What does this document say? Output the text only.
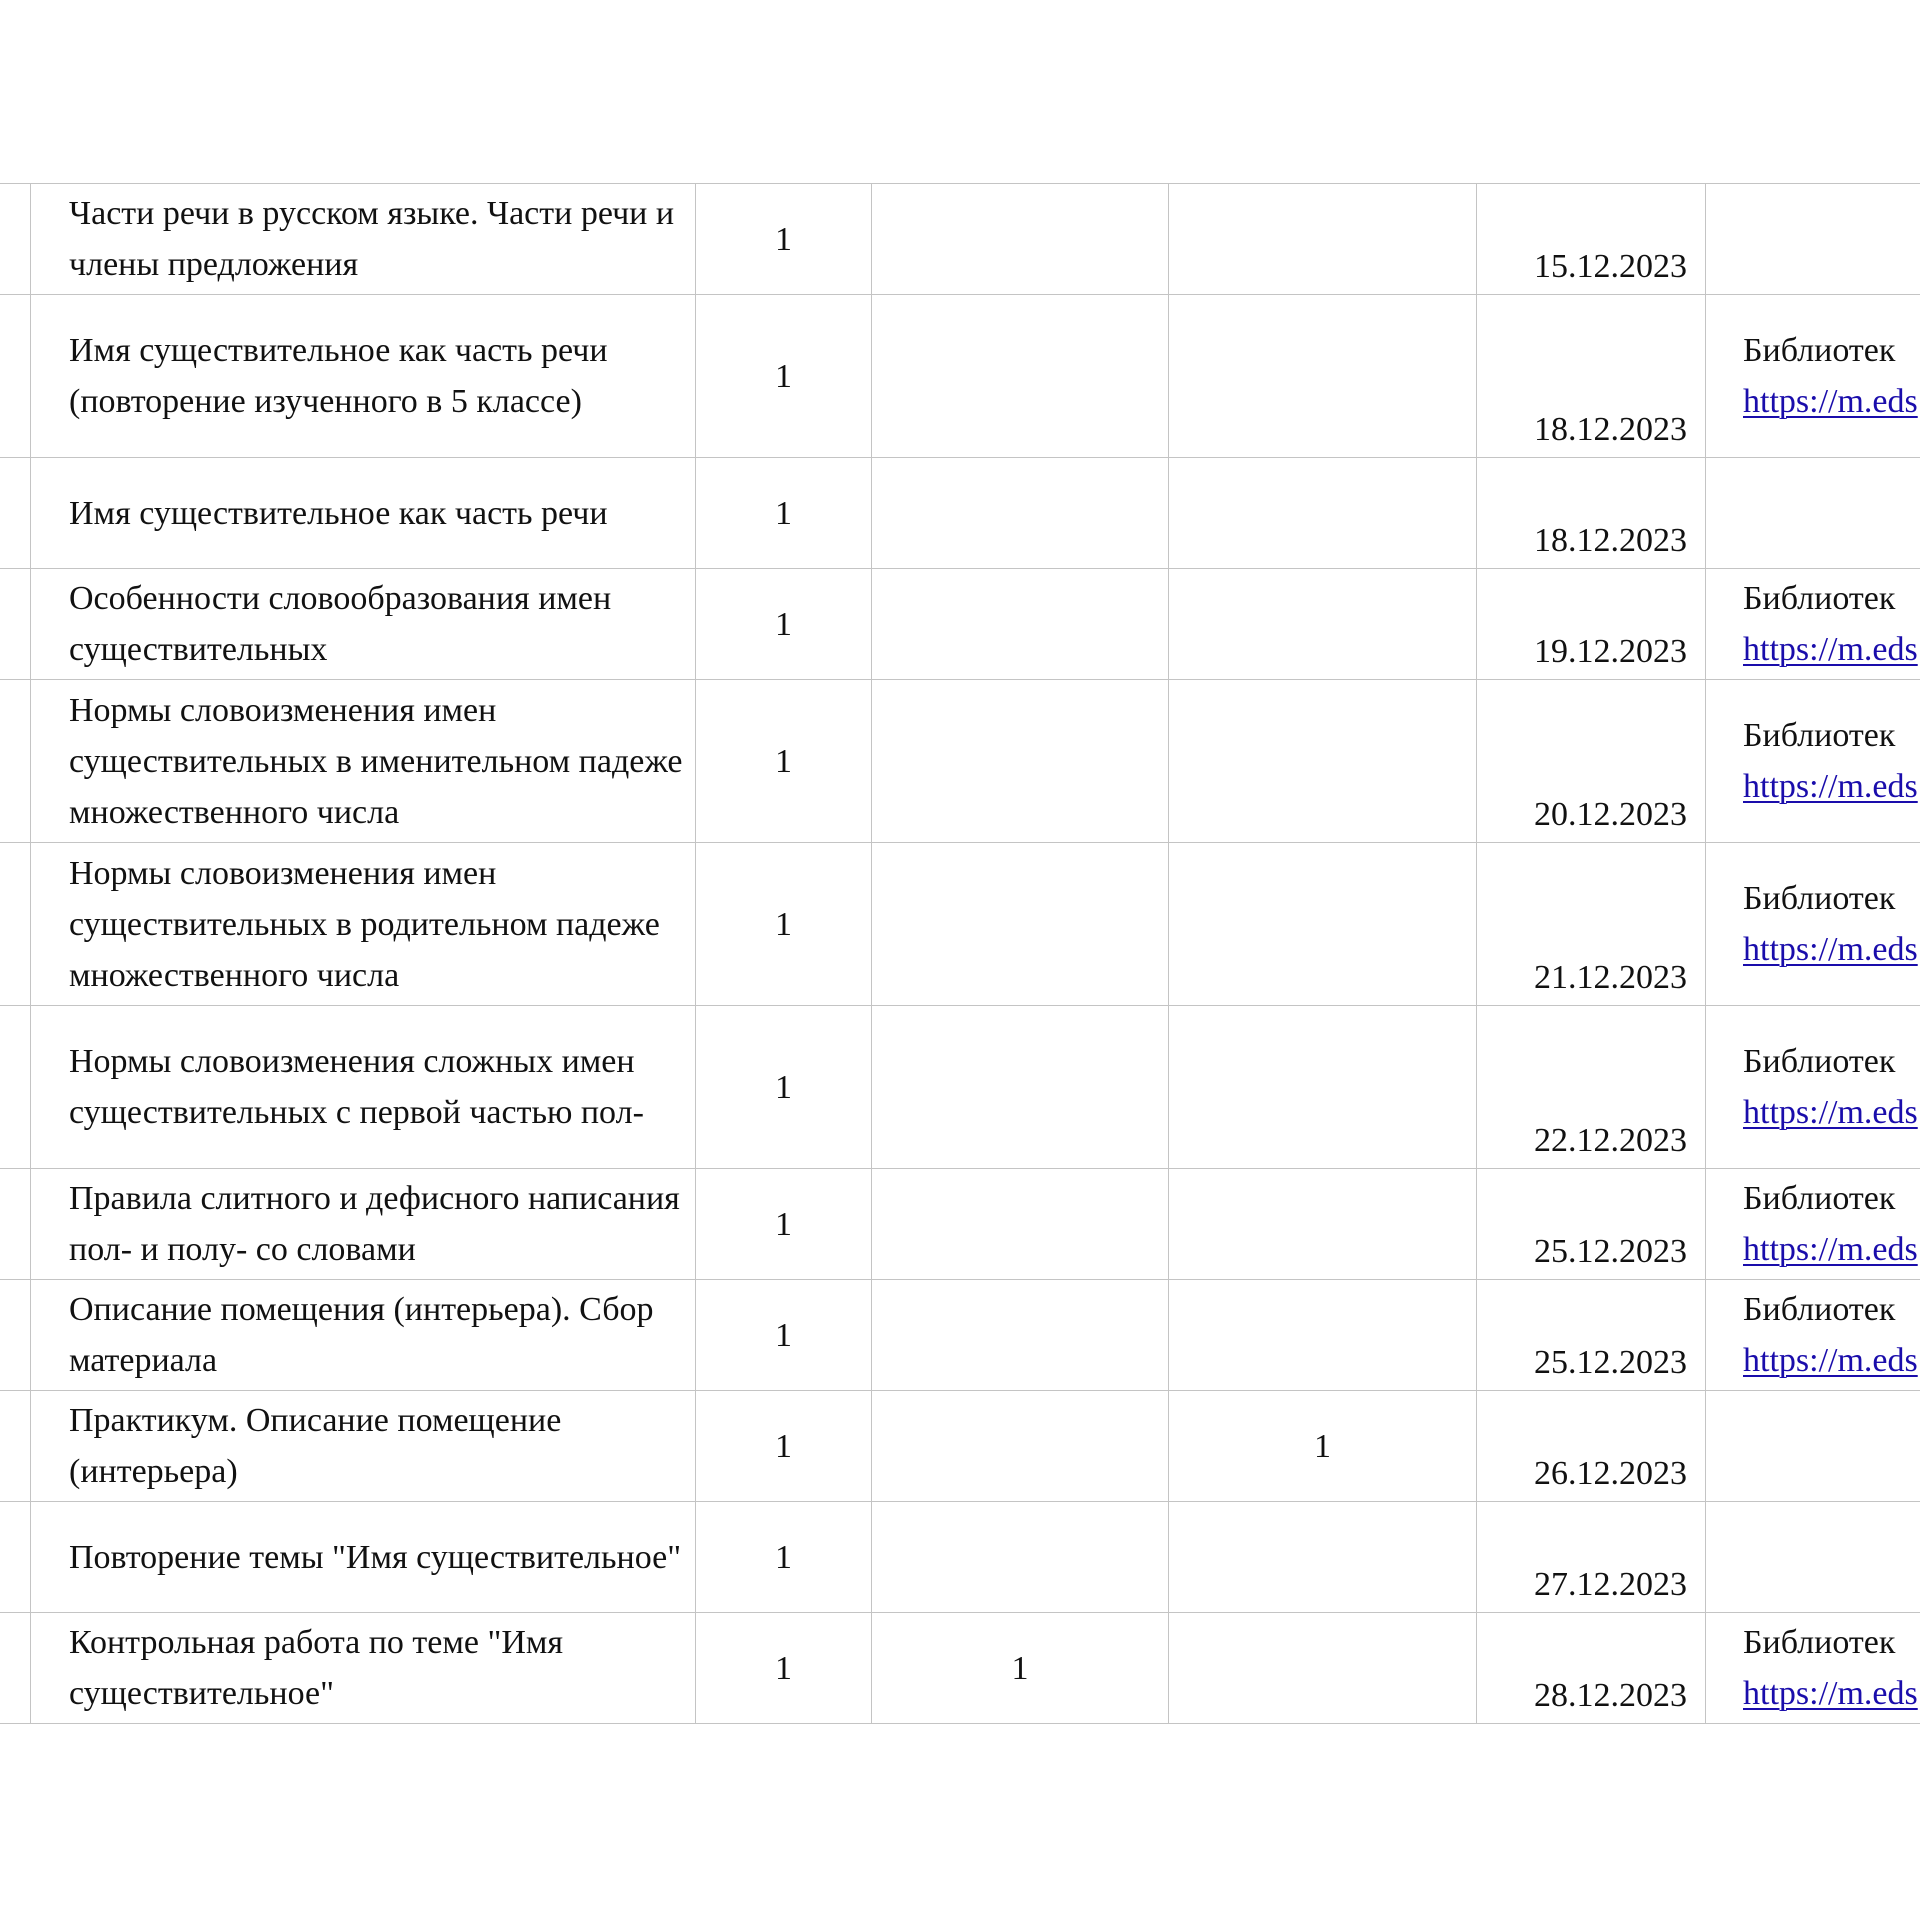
	Части речи в русском языке. Части речи и члены предложения	1			15.12.2023	
	Имя существительное как часть речи (повторение изученного в 5 классе)	1			18.12.2023	Библиотек
https://m.eds

	Имя существительное как часть речи	1			18.12.2023	
	Особенности словообразования имен существительных	1			19.12.2023	Библиотек
https://m.eds

	Нормы словоизменения имен существительных в именительном падеже множественного числа	1			20.12.2023	Библиотек
https://m.eds

	Нормы словоизменения имен существительных в родительном падеже множественного числа	1			21.12.2023	Библиотек
https://m.eds

	Нормы словоизменения сложных имен существительных с первой частью пол-	1			22.12.2023	Библиотек
https://m.eds

	Правила слитного и дефисного написания пол- и полу- со словами	1			25.12.2023	Библиотек
https://m.eds

	Описание помещения (интерьера). Сбор материала	1			25.12.2023	Библиотек
https://m.eds

	Практикум. Описание помещение (интерьера)	1		1	26.12.2023	
	Повторение темы "Имя существительное"	1			27.12.2023	
	Контрольная работа по теме "Имя существительное"	1	1		28.12.2023	Библиотек
https://m.eds
